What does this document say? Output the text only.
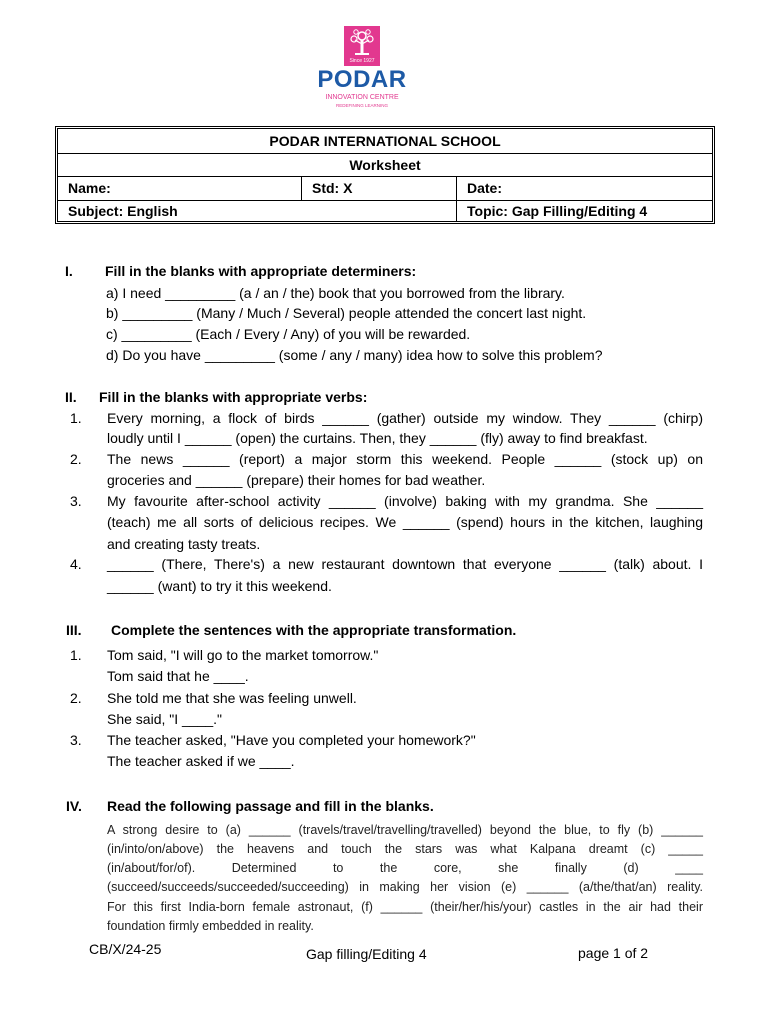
Since 1927
PODAR
INNOVATION CENTRE
REDEFINING LEARNING
PODAR INTERNATIONAL SCHOOL
Worksheet
Name:	Std: X	Date:
Subject: English	Topic: Gap Filling/Editing 4
I. Fill in the blanks with appropriate determiners:
a) I need _________ (a / an / the) book that you borrowed from the library.
b) _________ (Many / Much / Several) people attended the concert last night.
c) _________ (Each / Every / Any) of you will be rewarded.
d) Do you have _________ (some / any / many) idea how to solve this problem?
II. Fill in the blanks with appropriate verbs:
1. Every morning, a flock of birds ______ (gather) outside my window. They ______ (chirp)
loudly until I ______ (open) the curtains. Then, they ______ (fly) away to find breakfast.
2. The news ______ (report) a major storm this weekend. People ______ (stock up) on
groceries and ______ (prepare) their homes for bad weather.
3. My favourite after-school activity ______ (involve) baking with my grandma. She ______
(teach) me all sorts of delicious recipes. We ______ (spend) hours in the kitchen, laughing
and creating tasty treats.
4. ______ (There, There's) a new restaurant downtown that everyone ______ (talk) about. I
______ (want) to try it this weekend.
III. Complete the sentences with the appropriate transformation.
1. Tom said, "I will go to the market tomorrow."
Tom said that he ____.
2. She told me that she was feeling unwell.
She said, "I ____."
3. The teacher asked, "Have you completed your homework?"
The teacher asked if we ____.
IV. Read the following passage and fill in the blanks.
A strong desire to (a) ______ (travels/travel/travelling/travelled) beyond the blue, to fly (b) ______
(in/into/on/above) the heavens and touch the stars was what Kalpana dreamt (c) _____
(in/about/for/of). Determined to the core, she finally (d) ____
(succeed/succeeds/succeeded/succeeding) in making her vision (e) ______ (a/the/that/an) reality.
For this first India-born female astronaut, (f) ______ (their/her/his/your) castles in the air had their
foundation firmly embedded in reality.
CB/X/24-25	Gap filling/Editing 4	page 1 of 2
